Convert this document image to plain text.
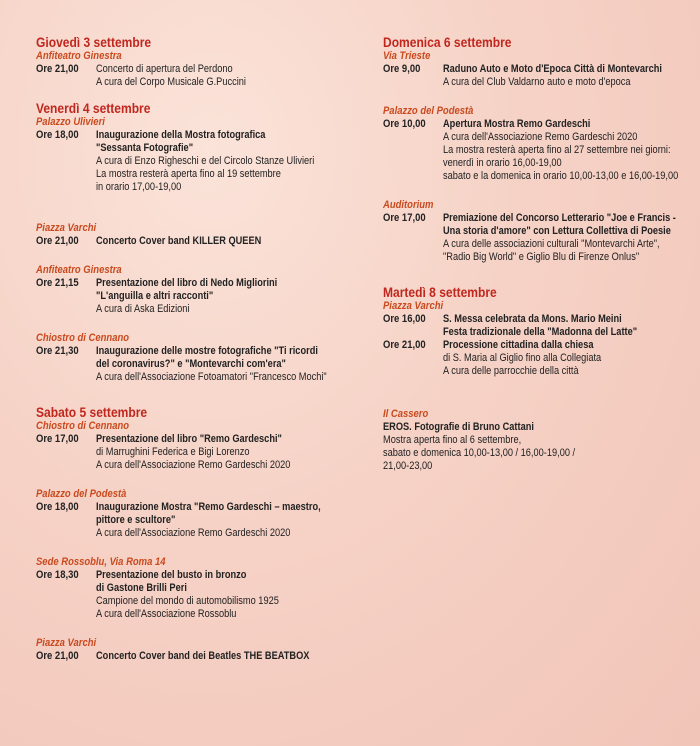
Giovedì 3 settembre
Anfiteatro Ginestra
Ore 21,00	Concerto di apertura del Perdono
A cura del Corpo Musicale G.Puccini
Venerdì 4 settembre
Palazzo Ulivieri
Ore 18,00	Inaugurazione della Mostra fotografica
"Sessanta Fotografie"
A cura di Enzo Righeschi e del Circolo Stanze Ulivieri
La mostra resterà aperta fino al 19 settembre
in orario 17,00-19,00
Piazza Varchi
Ore 21,00	Concerto Cover band KILLER QUEEN
Anfiteatro Ginestra
Ore 21,15	Presentazione del libro di Nedo Migliorini
"L'anguilla e altri racconti"
A cura di Aska Edizioni
Chiostro di Cennano
Ore 21,30	Inaugurazione delle mostre fotografiche "Ti ricordi
del coronavirus?" e "Montevarchi com'era"
A cura dell'Associazione Fotoamatori "Francesco Mochi"
Sabato 5 settembre
Chiostro di Cennano
Ore 17,00	Presentazione del libro "Remo Gardeschi"
di Marrughini Federica e Bigi Lorenzo
A cura dell'Associazione Remo Gardeschi 2020
Palazzo del Podestà
Ore 18,00	Inaugurazione Mostra "Remo Gardeschi – maestro,
pittore e scultore"
A cura dell'Associazione Remo Gardeschi 2020
Sede Rossoblu, Via Roma 14
Ore 18,30	Presentazione del busto in bronzo
di Gastone Brilli Peri
Campione del mondo di automobilismo 1925
A cura dell'Associazione Rossoblu
Piazza Varchi
Ore 21,00	Concerto Cover band dei Beatles THE BEATBOX
Domenica 6 settembre
Via Trieste
Ore 9,00	Raduno Auto e Moto d'Epoca Città di Montevarchi
A cura del Club Valdarno auto e moto d'epoca
Palazzo del Podestà
Ore 10,00	Apertura Mostra Remo Gardeschi
A cura dell'Associazione Remo Gardeschi 2020
La mostra resterà aperta fino al 27 settembre nei giorni:
venerdì in orario 16,00-19,00
sabato e la domenica in orario 10,00-13,00 e 16,00-19,00
Auditorium
Ore 17,00	Premiazione del Concorso Letterario "Joe e Francis -
Una storia d'amore" con Lettura Collettiva di Poesie
A cura delle associazioni culturali "Montevarchi Arte",
"Radio Big World" e Giglio Blu di Firenze Onlus"
Martedì 8 settembre
Piazza Varchi
Ore 16,00	S. Messa celebrata da Mons. Mario Meini
Festa tradizionale della "Madonna del Latte"
Ore 21,00	Processione cittadina dalla chiesa
di S. Maria al Giglio fino alla Collegiata
A cura delle parrocchie della città
Il Cassero
EROS. Fotografie di Bruno Cattani
Mostra aperta fino al 6 settembre,
sabato e domenica 10,00-13,00 / 16,00-19,00 /
21,00-23,00
